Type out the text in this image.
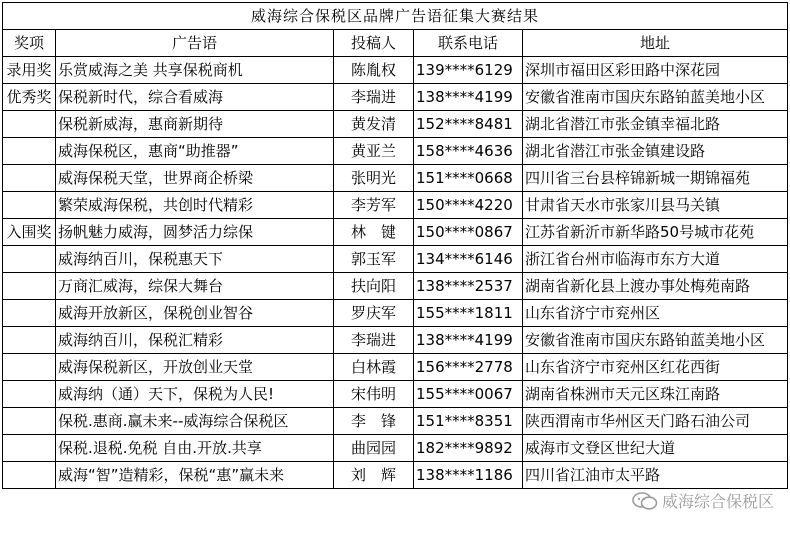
威海综合保税区品牌广告语征集大赛结果				
奖项	广告语	投稿人	联系电话	地址
录用奖	乐赏威海之美 共享保税商机	陈胤权	139****6129	深圳市福田区彩田路中深花园
优秀奖	保税新时代，综合看威海	李瑞进	138****4199	安徽省淮南市国庆东路铂蓝美地小区
	保税新威海，惠商新期待	黄发清	152****8481	湖北省潜江市张金镇幸福北路
	威海保税区，惠商“助推器”	黄亚兰	158****4636	湖北省潜江市张金镇建设路
	威海保税天堂，世界商企桥梁	张明光	151****0668	四川省三台县梓锦新城一期锦福苑
	繁荣威海保税，共创时代精彩	李芳军	150****4220	甘肃省天水市张家川县马关镇
入围奖	扬帆魅力威海，圆梦活力综保	林　键	150****0867	江苏省新沂市新华路50号城市花苑
	威海纳百川，保税惠天下	郭玉军	134****6146	浙江省台州市临海市东方大道
	万商汇威海，综保大舞台	扶向阳	138****2537	湖南省新化县上渡办事处梅苑南路
	威海开放新区，保税创业智谷	罗庆军	155****1811	山东省济宁市兖州区
	威海纳百川，保税汇精彩	李瑞进	138****4199	安徽省淮南市国庆东路铂蓝美地小区
	威海保税新区，开放创业天堂	白林霞	156****2778	山东省济宁市兖州区红花西街
	威海纳（通）天下，保税为人民!	宋伟明	155****0067	湖南省株洲市天元区珠江南路
	保税.惠商.赢未来--威海综合保税区	李　锋	151****8351	陕西渭南市华州区天门路石油公司
	保税.退税.免税 自由.开放.共享	曲园园	182****9892	威海市文登区世纪大道
	威海“智”造精彩，保税“惠”赢未来	刘　辉	138****1186	四川省江油市太平路
威海综合保税区
